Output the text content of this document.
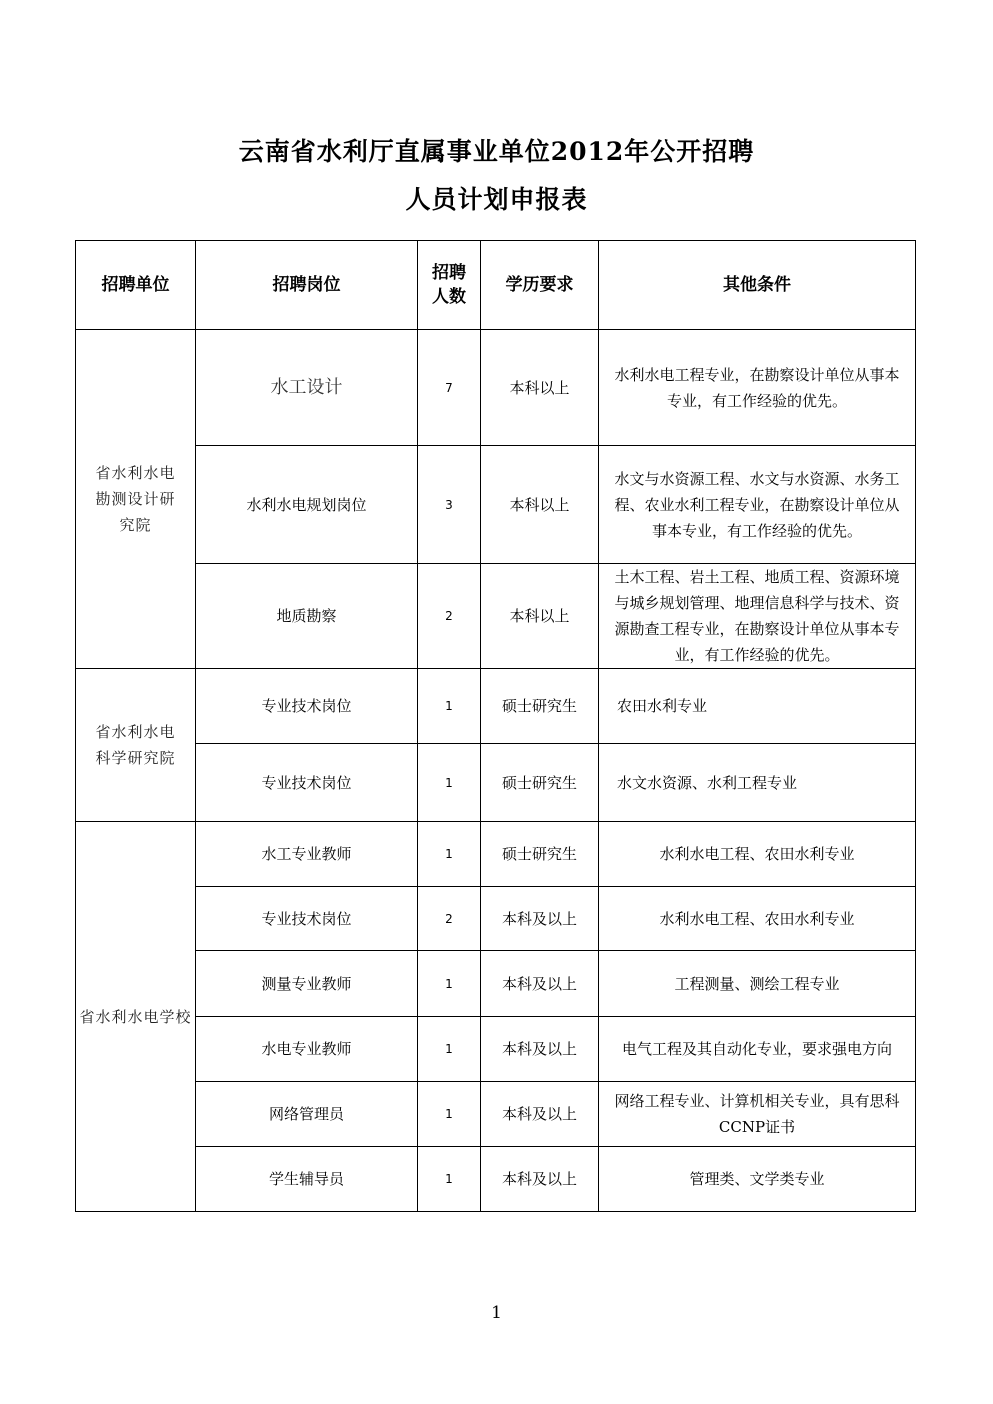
云南省水利厅直属事业单位2012年公开招聘
人员计划申报表
招聘单位	招聘岗位	招聘人数	学历要求	其他条件
省水利水电勘测设计研究院	水工设计	7	本科以上	水利水电工程专业，在勘察设计单位从事本专业，有工作经验的优先。
	水利水电规划岗位	3	本科以上	水文与水资源工程、水文与水资源、水务工程、农业水利工程专业，在勘察设计单位从事本专业，有工作经验的优先。
	地质勘察	2	本科以上	土木工程、岩土工程、地质工程、资源环境与城乡规划管理、地理信息科学与技术、资源勘查工程专业，在勘察设计单位从事本专业，有工作经验的优先。
省水利水电科学研究院	专业技术岗位	1	硕士研究生	农田水利专业
	专业技术岗位	1	硕士研究生	水文水资源、水利工程专业
省水利水电学校	水工专业教师	1	硕士研究生	水利水电工程、农田水利专业
	专业技术岗位	2	本科及以上	水利水电工程、农田水利专业
	测量专业教师	1	本科及以上	工程测量、测绘工程专业
	水电专业教师	1	本科及以上	电气工程及其自动化专业，要求强电方向
	网络管理员	1	本科及以上	网络工程专业、计算机相关专业，具有思科CCNP证书
	学生辅导员	1	本科及以上	管理类、文学类专业
1
